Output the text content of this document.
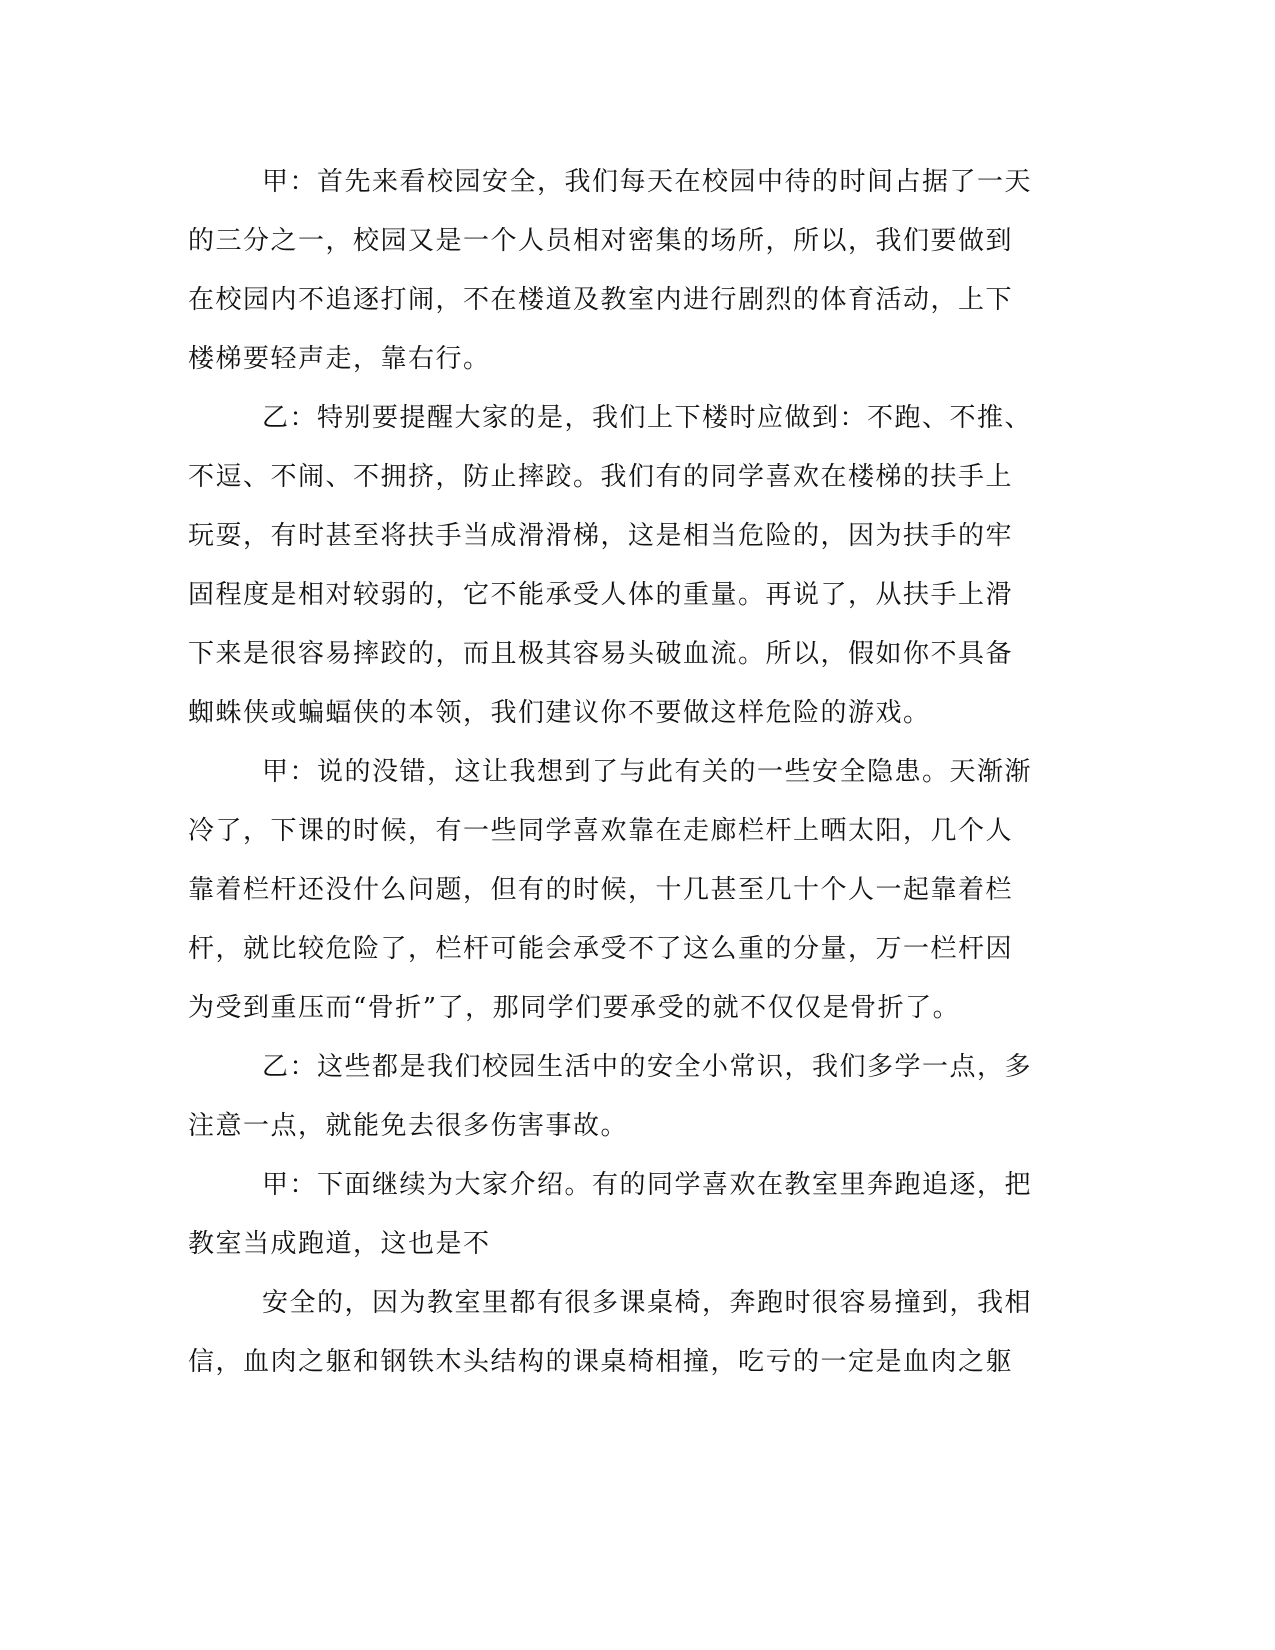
甲：首先来看校园安全，我们每天在校园中待的时间占据了一天
的三分之一，校园又是一个人员相对密集的场所，所以，我们要做到
在校园内不追逐打闹，不在楼道及教室内进行剧烈的体育活动，上下
楼梯要轻声走，靠右行。
乙：特别要提醒大家的是，我们上下楼时应做到：不跑、不推、
不逗、不闹、不拥挤，防止摔跤。我们有的同学喜欢在楼梯的扶手上
玩耍，有时甚至将扶手当成滑滑梯，这是相当危险的，因为扶手的牢
固程度是相对较弱的，它不能承受人体的重量。再说了，从扶手上滑
下来是很容易摔跤的，而且极其容易头破血流。所以，假如你不具备
蜘蛛侠或蝙蝠侠的本领，我们建议你不要做这样危险的游戏。
甲：说的没错，这让我想到了与此有关的一些安全隐患。天渐渐
冷了，下课的时候，有一些同学喜欢靠在走廊栏杆上晒太阳，几个人
靠着栏杆还没什么问题，但有的时候，十几甚至几十个人一起靠着栏
杆，就比较危险了，栏杆可能会承受不了这么重的分量，万一栏杆因
为受到重压而“骨折”了，那同学们要承受的就不仅仅是骨折了。
乙：这些都是我们校园生活中的安全小常识，我们多学一点，多
注意一点，就能免去很多伤害事故。
甲：下面继续为大家介绍。有的同学喜欢在教室里奔跑追逐，把
教室当成跑道，这也是不
安全的，因为教室里都有很多课桌椅，奔跑时很容易撞到，我相
信，血肉之躯和钢铁木头结构的课桌椅相撞，吃亏的一定是血肉之躯
